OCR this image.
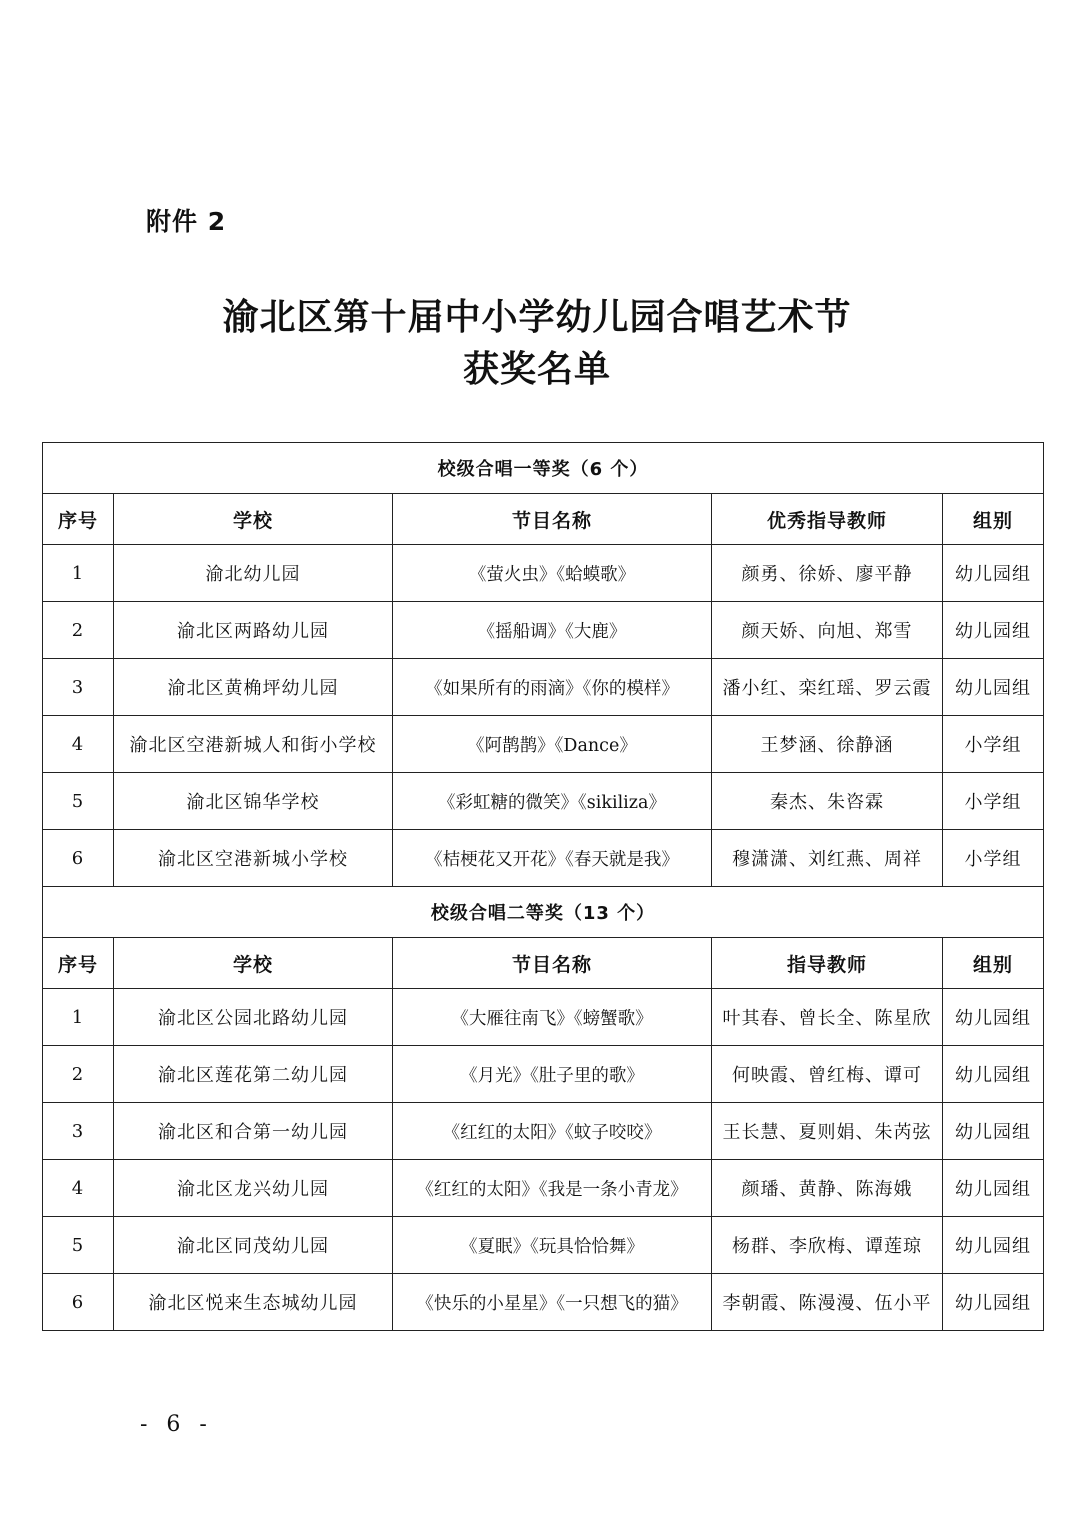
附件 2
渝北区第十届中小学幼儿园合唱艺术节
获奖名单
校级合唱一等奖（6 个）				
序号	学校	节目名称	优秀指导教师	组别
1	渝北幼儿园	《萤火虫》《蛤蟆歌》	颜勇、徐娇、廖平静	幼儿园组
2	渝北区两路幼儿园	《摇船调》《大鹿》	颜天娇、向旭、郑雪	幼儿园组
3	渝北区黄桷坪幼儿园	《如果所有的雨滴》《你的模样》	潘小红、栾红瑶、罗云霞	幼儿园组
4	渝北区空港新城人和街小学校	《阿鹊鹊》《Dance》	王梦涵、徐静涵	小学组
5	渝北区锦华学校	《彩虹糖的微笑》《sikiliza》	秦杰、朱咨霖	小学组
6	渝北区空港新城小学校	《桔梗花又开花》《春天就是我》	穆潇潇、刘红燕、周祥	小学组
校级合唱二等奖（13 个）				
序号	学校	节目名称	指导教师	组别
1	渝北区公园北路幼儿园	《大雁往南飞》《螃蟹歌》	叶其春、曾长全、陈星欣	幼儿园组
2	渝北区莲花第二幼儿园	《月光》《肚子里的歌》	何映霞、曾红梅、谭可	幼儿园组
3	渝北区和合第一幼儿园	《红红的太阳》《蚊子咬咬》	王长慧、夏则娟、朱芮弦	幼儿园组
4	渝北区龙兴幼儿园	《红红的太阳》《我是一条小青龙》	颜璠、黄静、陈海娥	幼儿园组
5	渝北区同茂幼儿园	《夏眠》《玩具恰恰舞》	杨群、李欣梅、谭莲琼	幼儿园组
6	渝北区悦来生态城幼儿园	《快乐的小星星》《一只想飞的猫》	李朝霞、陈漫漫、伍小平	幼儿园组
- 6 -
